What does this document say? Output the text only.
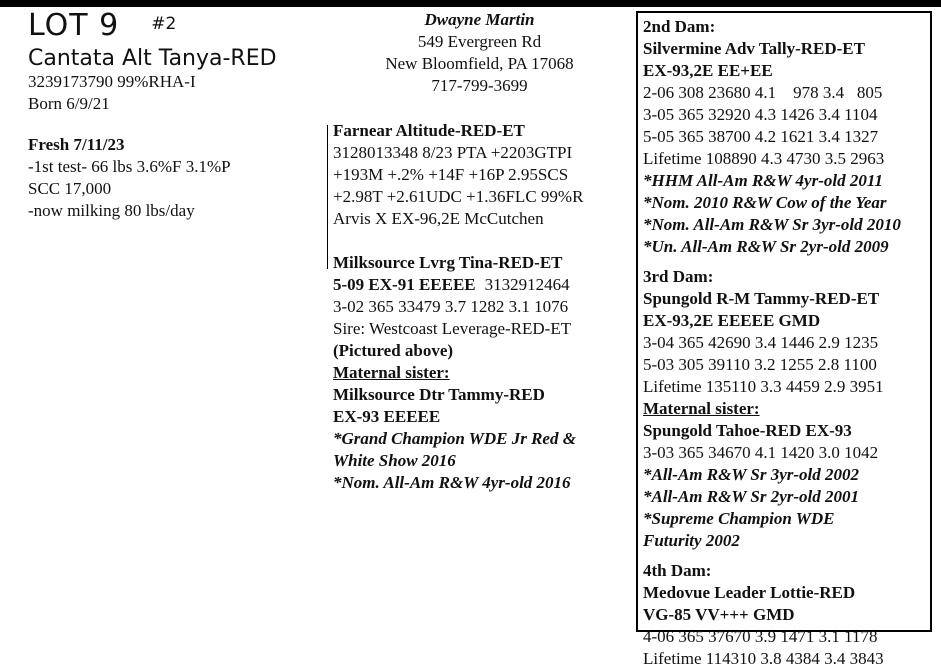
LOT 9 #2
Cantata Alt Tanya-RED
3239173790 99%RHA-I
Born 6/9/21
Fresh 7/11/23
-1st test- 66 lbs 3.6%F 3.1%P
SCC 17,000
-now milking 80 lbs/day
Dwayne Martin
549 Evergreen Rd
New Bloomfield, PA 17068
717-799-3699
Farnear Altitude-RED-ET
3128013348 8/23 PTA +2203GTPI
+193M +.2% +14F +16P 2.95SCS
+2.98T +2.61UDC +1.36FLC 99%R
Arvis X EX-96,2E McCutchen
Milksource Lvrg Tina-RED-ET
5-09 EX-91 EEEEE 3132912464
3-02 365 33479 3.7 1282 3.1 1076
Sire: Westcoast Leverage-RED-ET
(Pictured above)
Maternal sister:
Milksource Dtr Tammy-RED
EX-93 EEEEE
*Grand Champion WDE Jr Red &
White Show 2016
*Nom. All-Am R&W 4yr-old 2016
2nd Dam:
Silvermine Adv Tally-RED-ET
EX-93,2E EE+EE
2-06 308 23680 4.1    978 3.4   805
3-05 365 32920 4.3 1426 3.4 1104
5-05 365 38700 4.2 1621 3.4 1327
Lifetime 108890 4.3 4730 3.5 2963
*HHM All-Am R&W 4yr-old 2011
*Nom. 2010 R&W Cow of the Year
*Nom. All-Am R&W Sr 3yr-old 2010
*Un. All-Am R&W Sr 2yr-old 2009
3rd Dam:
Spungold R-M Tammy-RED-ET
EX-93,2E EEEEE GMD
3-04 365 42690 3.4 1446 2.9 1235
5-03 305 39110 3.2 1255 2.8 1100
Lifetime 135110 3.3 4459 2.9 3951
Maternal sister:
Spungold Tahoe-RED EX-93
3-03 365 34670 4.1 1420 3.0 1042
*All-Am R&W Sr 3yr-old 2002
*All-Am R&W Sr 2yr-old 2001
*Supreme Champion WDE
Futurity 2002
4th Dam:
Medovue Leader Lottie-RED
VG-85 VV+++ GMD
4-06 365 37670 3.9 1471 3.1 1178
Lifetime 114310 3.8 4384 3.4 3843
